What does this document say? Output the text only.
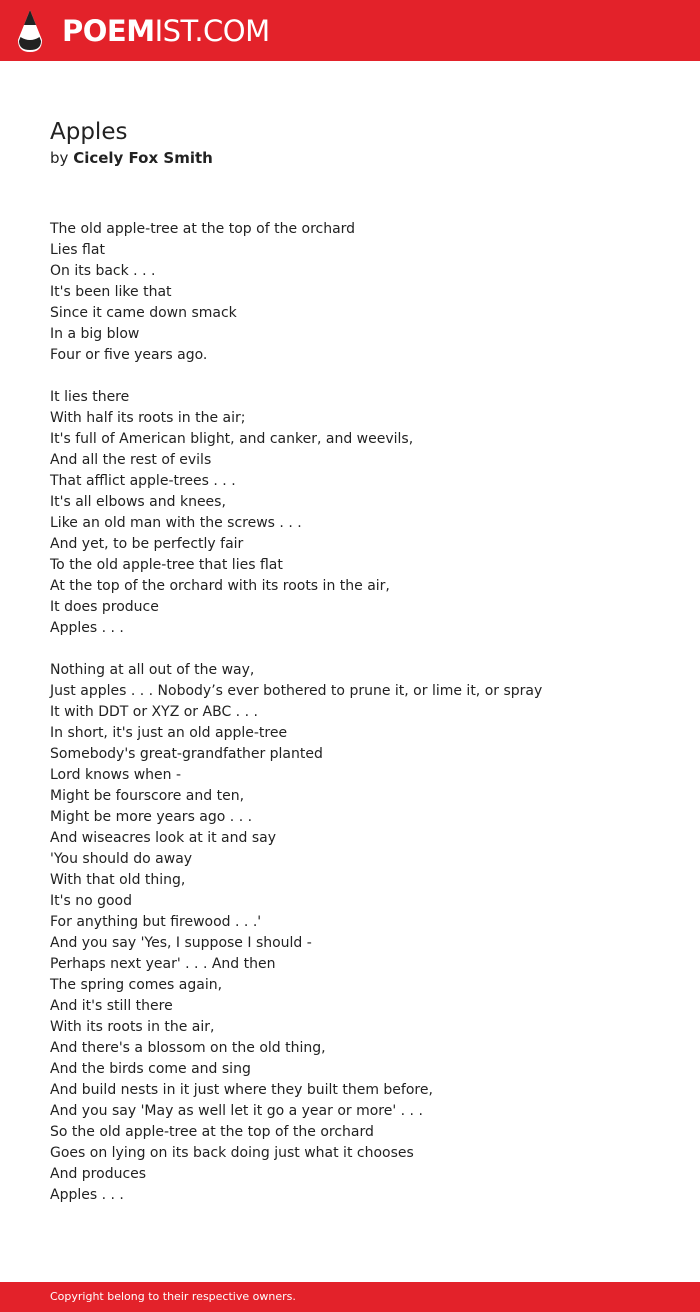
POEMIST.COM
Apples
by Cicely Fox Smith
The old apple-tree at the top of the orchard
Lies flat
On its back . . .
It's been like that
Since it came down smack
In a big blow
Four or five years ago.
It lies there
With half its roots in the air;
It's full of American blight, and canker, and weevils,
And all the rest of evils
That afflict apple-trees . . .
It's all elbows and knees,
Like an old man with the screws . . .
And yet, to be perfectly fair
To the old apple-tree that lies flat
At the top of the orchard with its roots in the air,
It does produce
Apples . . .
Nothing at all out of the way,
Just apples . . . Nobody’s ever bothered to prune it, or lime it, or spray
It with DDT or XYZ or ABC . . .
In short, it's just an old apple-tree
Somebody's great-grandfather planted
Lord knows when -
Might be fourscore and ten,
Might be more years ago . . .
And wiseacres look at it and say
'You should do away
With that old thing,
It's no good
For anything but firewood . . .'
And you say 'Yes, I suppose I should -
Perhaps next year' . . . And then
The spring comes again,
And it's still there
With its roots in the air,
And there's a blossom on the old thing,
And the birds come and sing
And build nests in it just where they built them before,
And you say 'May as well let it go a year or more' . . .
So the old apple-tree at the top of the orchard
Goes on lying on its back doing just what it chooses
And produces
Apples . . .
Copyright belong to their respective owners.
